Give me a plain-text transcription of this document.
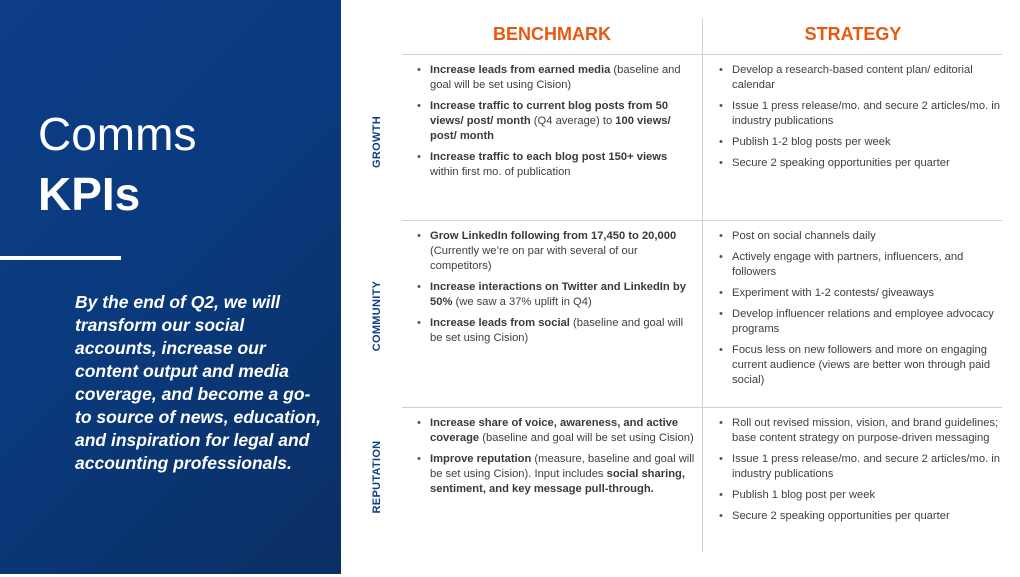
Comms
KPIs

By the end of Q2, we will transform our social accounts, increase our content output and media coverage, and become a go-to source of news, education, and inspiration for legal and accounting professionals.

BENCHMARK	STRATEGY
GROWTH
COMMUNITY
REPUTATION
• Increase leads from earned media (baseline and goal will be set using Cision)
• Increase traffic to current blog posts from 50 views/ post/ month (Q4 average) to 100 views/ post/ month
• Increase traffic to each blog post 150+ views within first mo. of publication
• Develop a research-based content plan/ editorial calendar
• Issue 1 press release/mo. and secure 2 articles/mo. in industry publications
• Publish 1-2 blog posts per week
• Secure 2 speaking opportunities per quarter
• Grow LinkedIn following from 17,450 to 20,000 (Currently we’re on par with several of our competitors)
• Increase interactions on Twitter and LinkedIn by 50% (we saw a 37% uplift in Q4)
• Increase leads from social (baseline and goal will be set using Cision)
• Post on social channels daily
• Actively engage with partners, influencers, and followers
• Experiment with 1-2 contests/ giveaways
• Develop influencer relations and employee advocacy programs
• Focus less on new followers and more on engaging current audience (views are better won through paid social)
• Increase share of voice, awareness, and active coverage (baseline and goal will be set using Cision)
• Improve reputation (measure, baseline and goal will be set using Cision). Input includes social sharing, sentiment, and key message pull-through.
• Roll out revised mission, vision, and brand guidelines; base content strategy on purpose-driven messaging
• Issue 1 press release/mo. and secure 2 articles/mo. in industry publications
• Publish 1 blog post per week
• Secure 2 speaking opportunities per quarter
